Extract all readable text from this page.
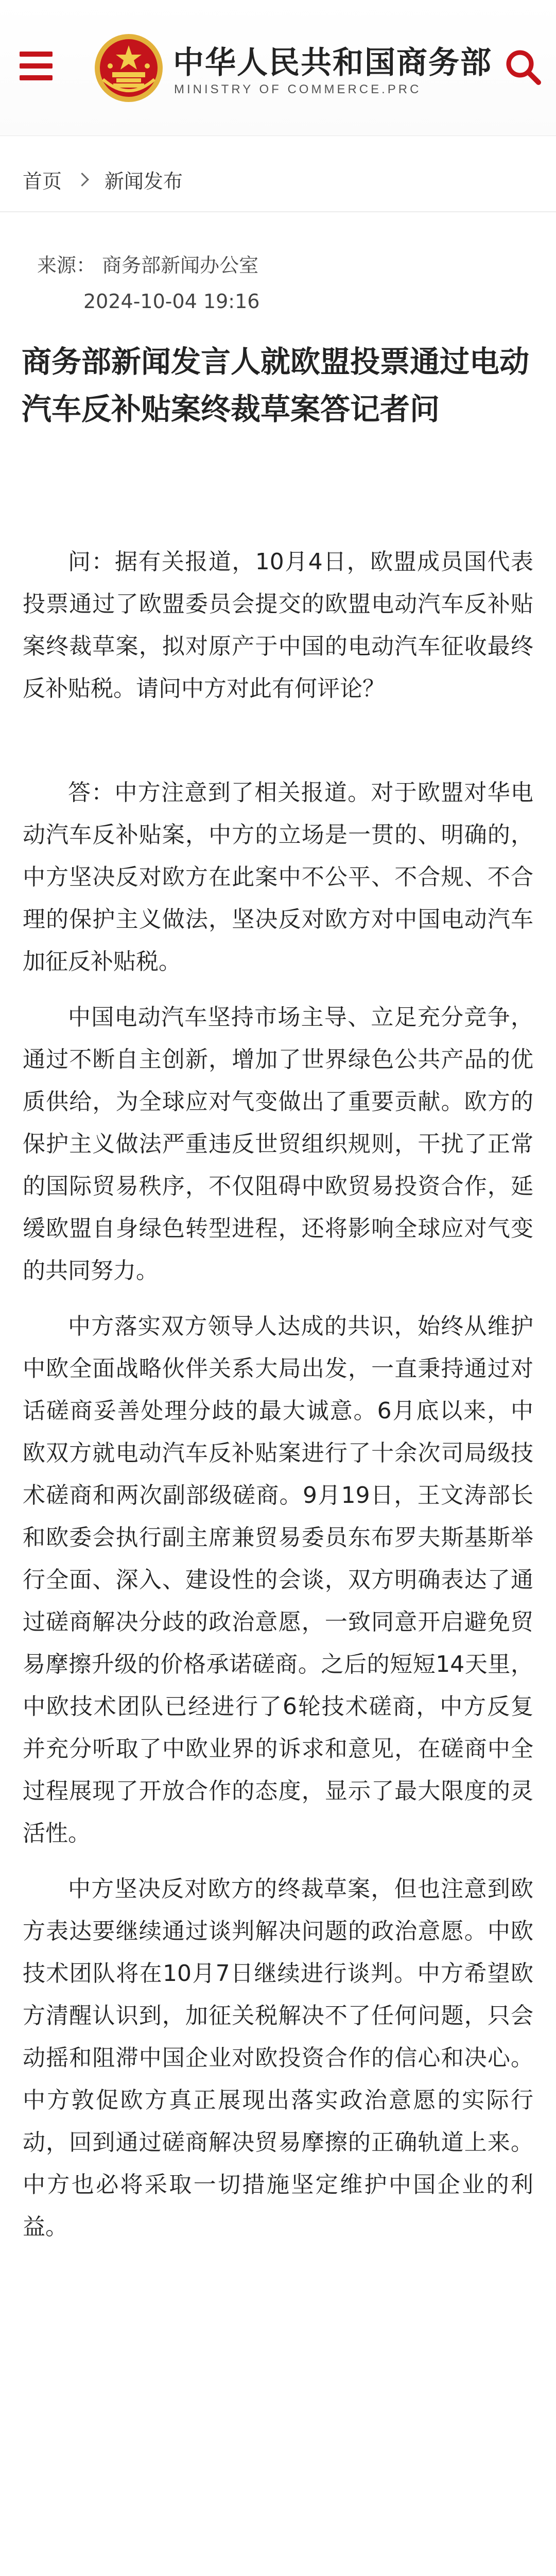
中华人民共和国商务部
MINISTRY OF COMMERCE.PRC
首页 新闻发布
来源： 商务部新闻办公室
2024-10-04 19:16
商务部新闻发言人就欧盟投票通过电动汽车反补贴案终裁草案答记者问

问：据有关报道，10月4日，欧盟成员国代表投票通过了欧盟委员会提交的欧盟电动汽车反补贴案终裁草案，拟对原产于中国的电动汽车征收最终反补贴税。请问中方对此有何评论？

答：中方注意到了相关报道。对于欧盟对华电动汽车反补贴案，中方的立场是一贯的、明确的，中方坚决反对欧方在此案中不公平、不合规、不合理的保护主义做法，坚决反对欧方对中国电动汽车加征反补贴税。

中国电动汽车坚持市场主导、立足充分竞争，通过不断自主创新，增加了世界绿色公共产品的优质供给，为全球应对气变做出了重要贡献。欧方的保护主义做法严重违反世贸组织规则，干扰了正常的国际贸易秩序，不仅阻碍中欧贸易投资合作，延缓欧盟自身绿色转型进程，还将影响全球应对气变的共同努力。

中方落实双方领导人达成的共识，始终从维护中欧全面战略伙伴关系大局出发，一直秉持通过对话磋商妥善处理分歧的最大诚意。6月底以来，中欧双方就电动汽车反补贴案进行了十余次司局级技术磋商和两次副部级磋商。9月19日，王文涛部长和欧委会执行副主席兼贸易委员东布罗夫斯基斯举行全面、深入、建设性的会谈，双方明确表达了通过磋商解决分歧的政治意愿，一致同意开启避免贸易摩擦升级的价格承诺磋商。之后的短短14天里，中欧技术团队已经进行了6轮技术磋商，中方反复并充分听取了中欧业界的诉求和意见，在磋商中全过程展现了开放合作的态度，显示了最大限度的灵活性。

中方坚决反对欧方的终裁草案，但也注意到欧方表达要继续通过谈判解决问题的政治意愿。中欧技术团队将在10月7日继续进行谈判。中方希望欧方清醒认识到，加征关税解决不了任何问题，只会动摇和阻滞中国企业对欧投资合作的信心和决心。中方敦促欧方真正展现出落实政治意愿的实际行动，回到通过磋商解决贸易摩擦的正确轨道上来。中方也必将采取一切措施坚定维护中国企业的利益。
